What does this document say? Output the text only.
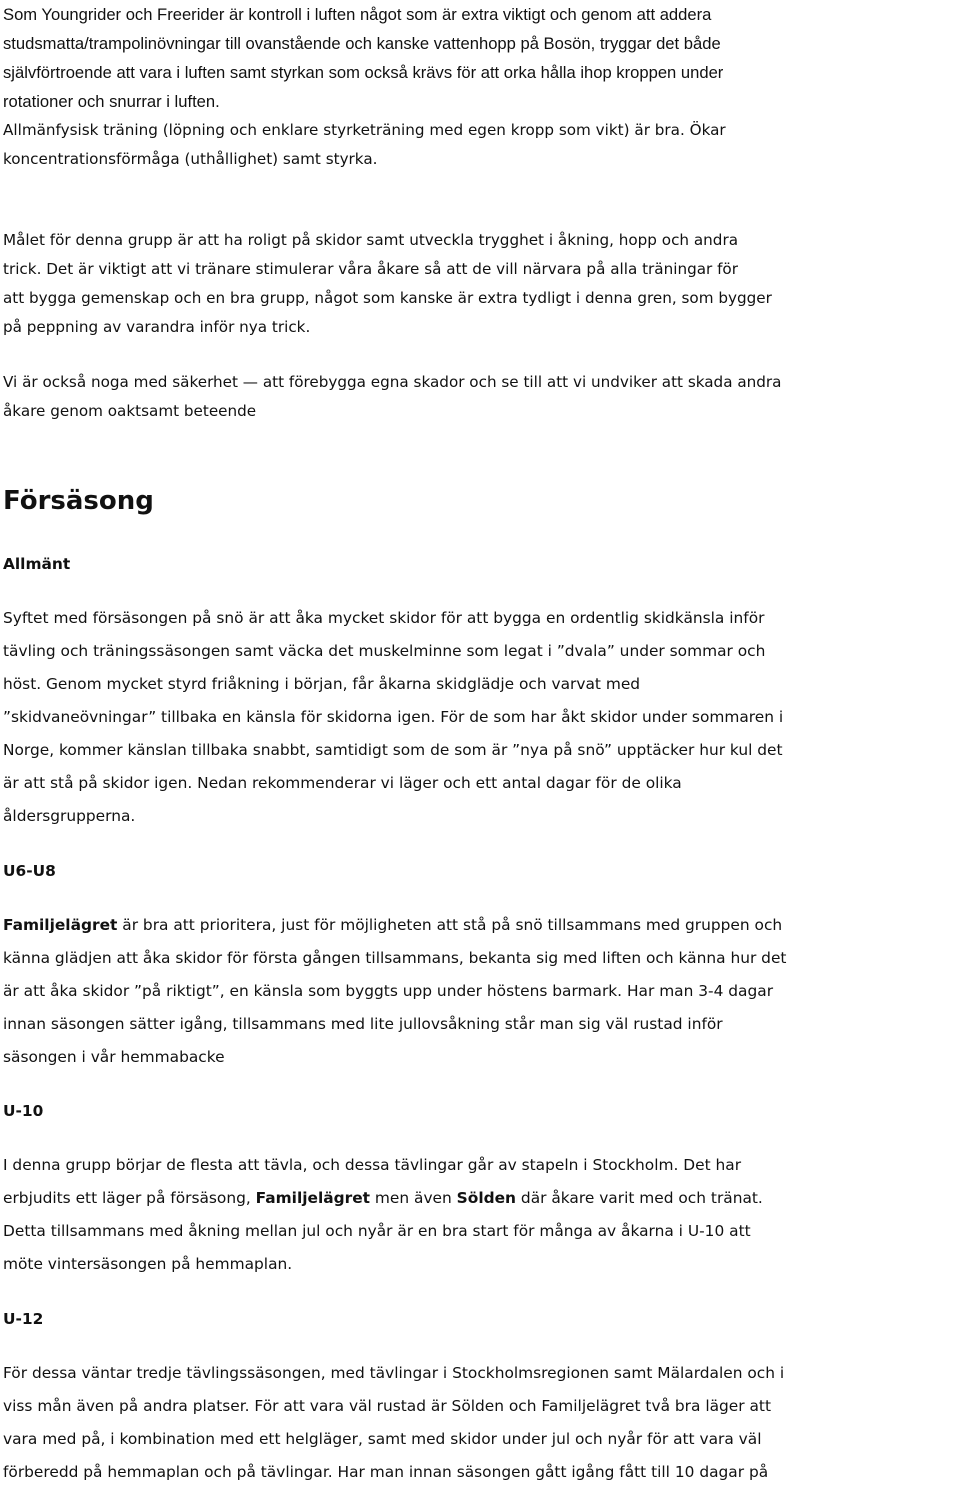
Som Youngrider och Freerider är kontroll i luften något som är extra viktigt och genom att addera
studsmatta/trampolinövningar till ovanstående och kanske vattenhopp på Bosön, tryggar det både
självförtroende att vara i luften samt styrkan som också krävs för att orka hålla ihop kroppen under
rotationer och snurrar i luften.

Allmänfysisk träning (löpning och enklare styrketräning med egen kropp som vikt) är bra. Ökar
koncentrationsförmåga (uthållighet) samt styrka.

Målet för denna grupp är att ha roligt på skidor samt utveckla trygghet i åkning, hopp och andra
trick. Det är viktigt att vi tränare stimulerar våra åkare så att de vill närvara på alla träningar för
att bygga gemenskap och en bra grupp, något som kanske är extra tydligt i denna gren, som bygger
på peppning av varandra inför nya trick.

Vi är också noga med säkerhet — att förebygga egna skador och se till att vi undviker att skada andra
åkare genom oaktsamt beteende

Försäsong
Allmänt

Syftet med försäsongen på snö är att åka mycket skidor för att bygga en ordentlig skidkänsla inför
tävling och träningssäsongen samt väcka det muskelminne som legat i ”dvala” under sommar och
höst. Genom mycket styrd friåkning i början, får åkarna skidglädje och varvat med
”skidvaneövningar” tillbaka en känsla för skidorna igen. För de som har åkt skidor under sommaren i
Norge, kommer känslan tillbaka snabbt, samtidigt som de som är ”nya på snö” upptäcker hur kul det
är att stå på skidor igen. Nedan rekommenderar vi läger och ett antal dagar för de olika
åldersgrupperna.

U6-U8

Familjelägret är bra att prioritera, just för möjligheten att stå på snö tillsammans med gruppen och
känna glädjen att åka skidor för första gången tillsammans, bekanta sig med liften och känna hur det
är att åka skidor ”på riktigt”, en känsla som byggts upp under höstens barmark. Har man 3-4 dagar
innan säsongen sätter igång, tillsammans med lite jullovsåkning står man sig väl rustad inför
säsongen i vår hemmabacke

U-10

I denna grupp börjar de flesta att tävla, och dessa tävlingar går av stapeln i Stockholm. Det har
erbjudits ett läger på försäsong, Familjelägret men även Sölden där åkare varit med och tränat.
Detta tillsammans med åkning mellan jul och nyår är en bra start för många av åkarna i U-10 att
möte vintersäsongen på hemmaplan.

U-12

För dessa väntar tredje tävlingssäsongen, med tävlingar i Stockholmsregionen samt Mälardalen och i
viss mån även på andra platser. För att vara väl rustad är Sölden och Familjelägret två bra läger att
vara med på, i kombination med ett helgläger, samt med skidor under jul och nyår för att vara väl
förberedd på hemmaplan och på tävlingar. Har man innan säsongen gått igång fått till 10 dagar på
